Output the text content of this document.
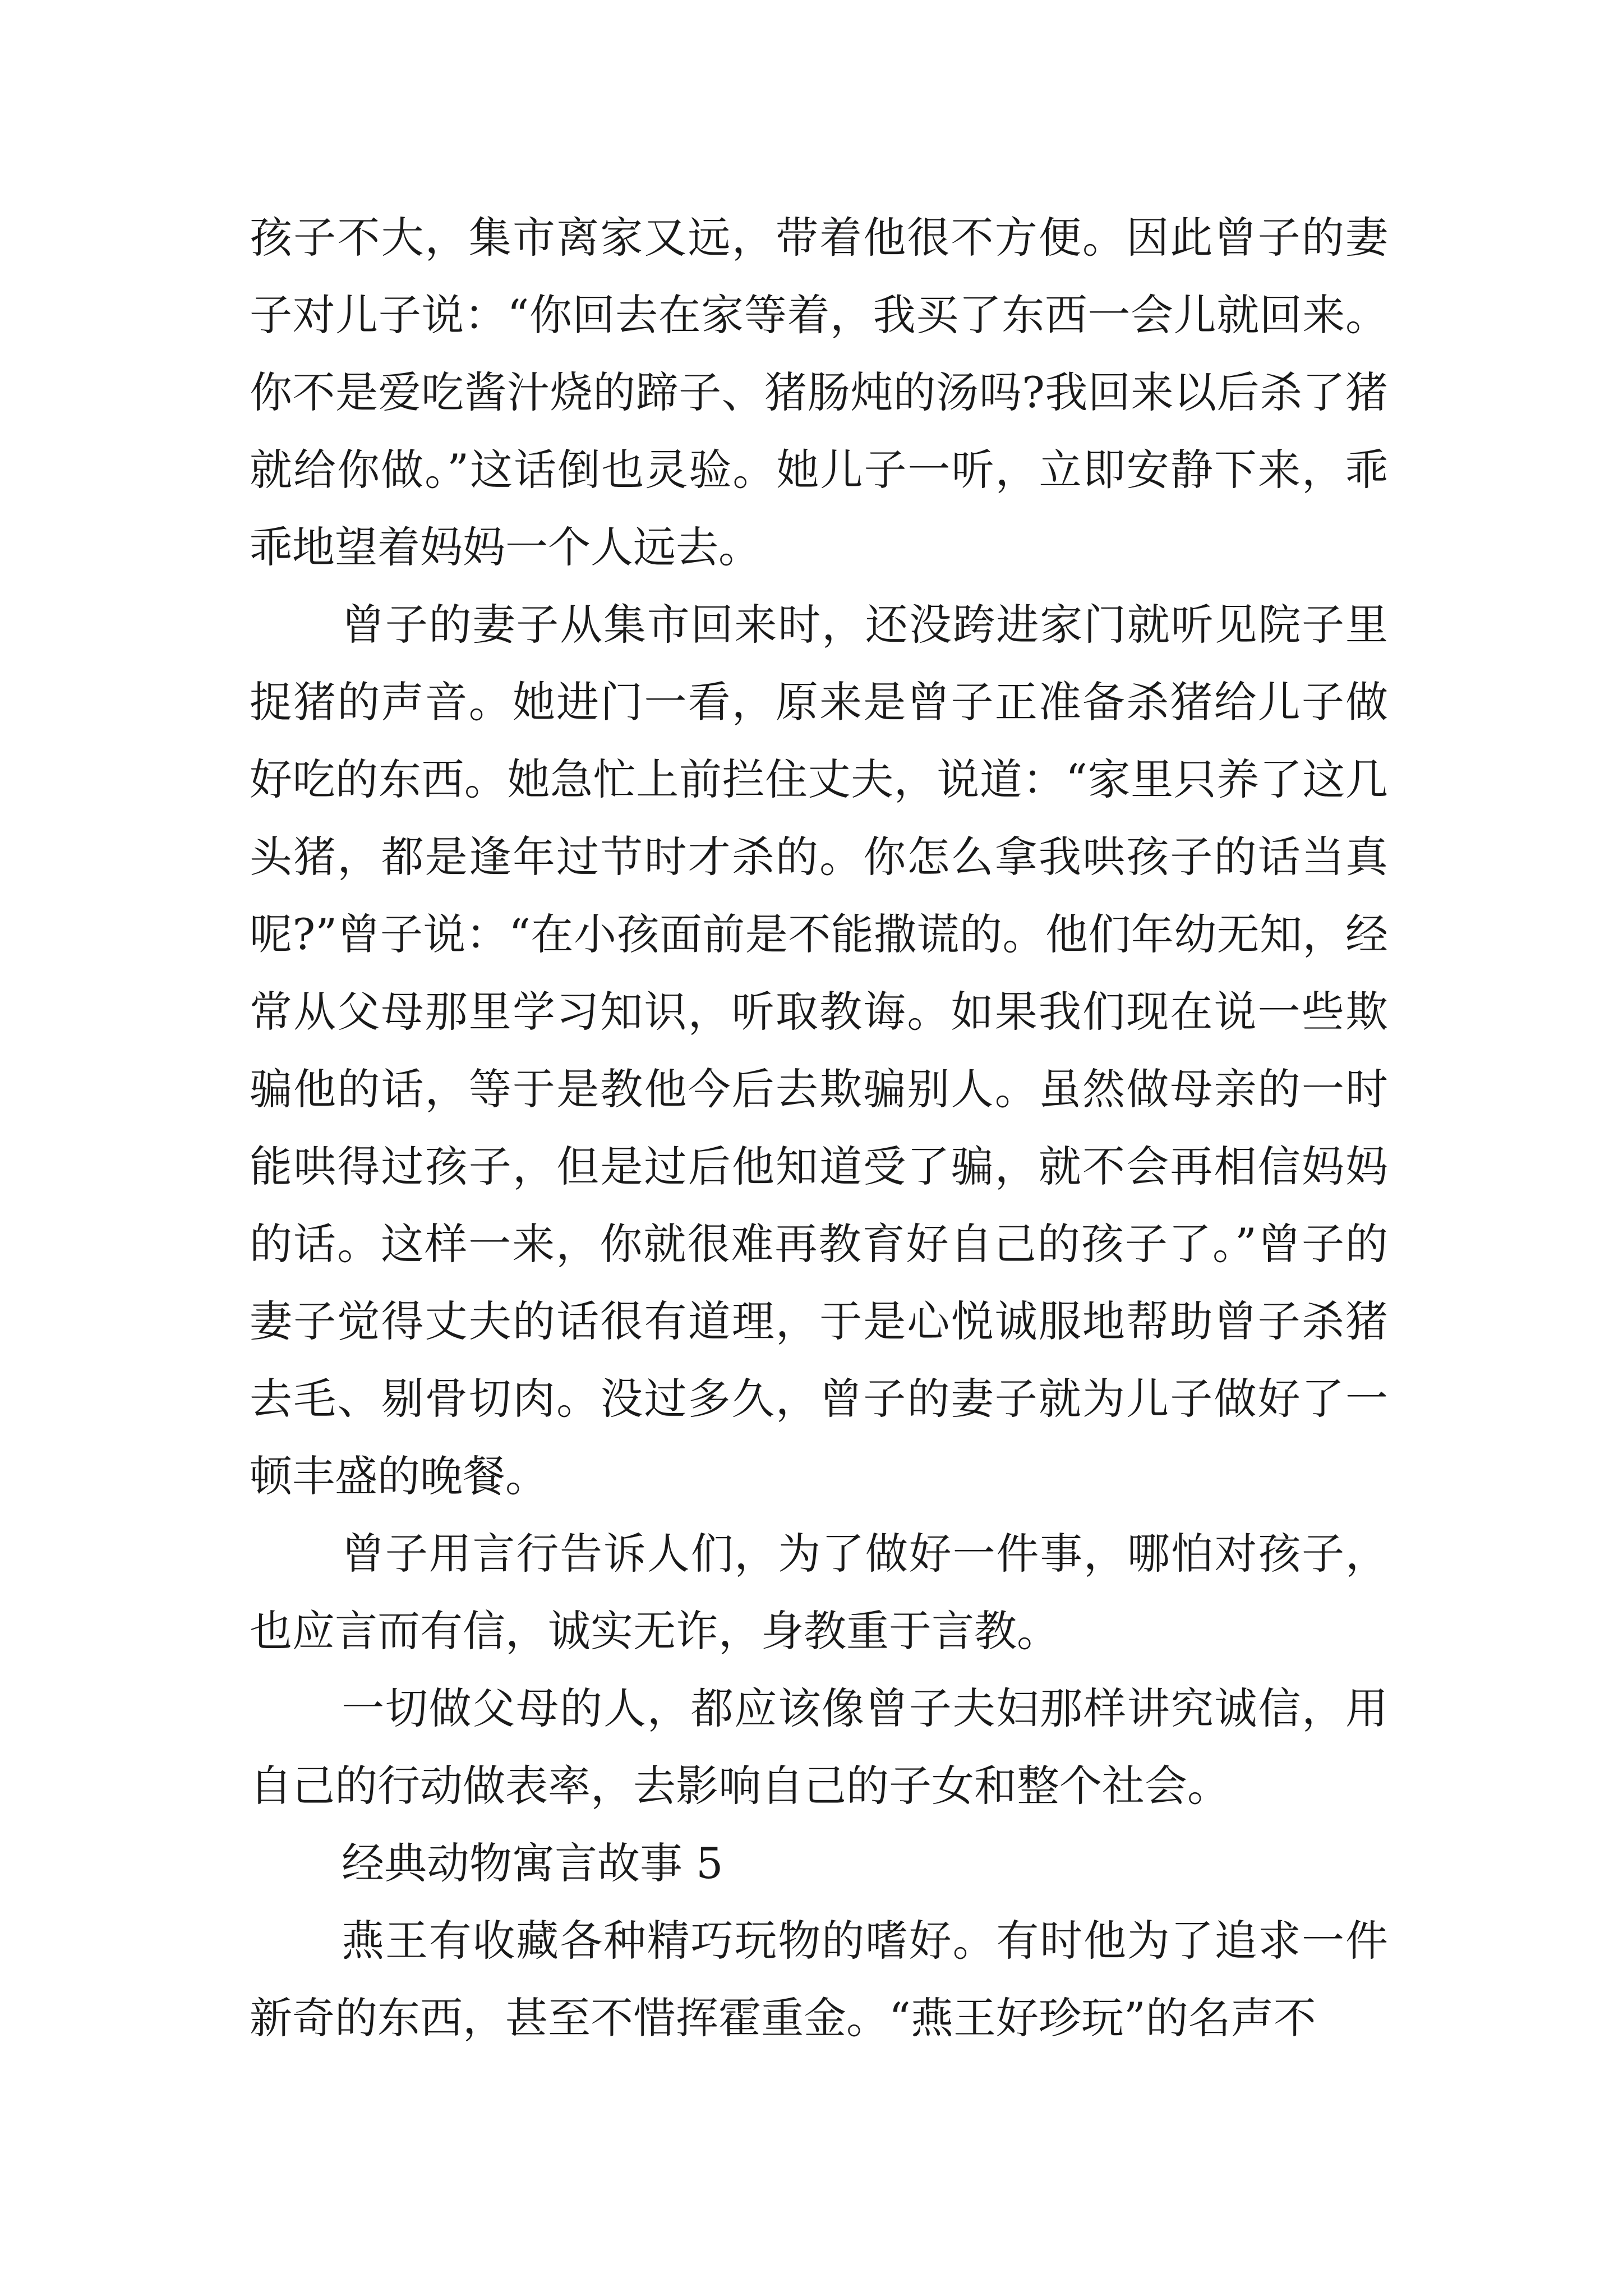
孩子不大，集市离家又远，带着他很不方便。因此曾子的妻子对儿子说：“你回去在家等着，我买了东西一会儿就回来。你不是爱吃酱汁烧的蹄子、猪肠炖的汤吗?我回来以后杀了猪就给你做。”这话倒也灵验。她儿子一听，立即安静下来，乖乖地望着妈妈一个人远去。

曾子的妻子从集市回来时，还没跨进家门就听见院子里捉猪的声音。她进门一看，原来是曾子正准备杀猪给儿子做好吃的东西。她急忙上前拦住丈夫，说道：“家里只养了这几头猪，都是逢年过节时才杀的。你怎么拿我哄孩子的话当真呢?”曾子说：“在小孩面前是不能撒谎的。他们年幼无知，经常从父母那里学习知识，听取教诲。如果我们现在说一些欺骗他的话，等于是教他今后去欺骗别人。虽然做母亲的一时能哄得过孩子，但是过后他知道受了骗，就不会再相信妈妈的话。这样一来，你就很难再教育好自己的孩子了。”曾子的妻子觉得丈夫的话很有道理，于是心悦诚服地帮助曾子杀猪去毛、剔骨切肉。没过多久，曾子的妻子就为儿子做好了一顿丰盛的晚餐。

曾子用言行告诉人们，为了做好一件事，哪怕对孩子，也应言而有信，诚实无诈，身教重于言教。

一切做父母的人，都应该像曾子夫妇那样讲究诚信，用自己的行动做表率，去影响自己的子女和整个社会。

经典动物寓言故事 5

燕王有收藏各种精巧玩物的嗜好。有时他为了追求一件新奇的东西，甚至不惜挥霍重金。“燕王好珍玩”的名声不
